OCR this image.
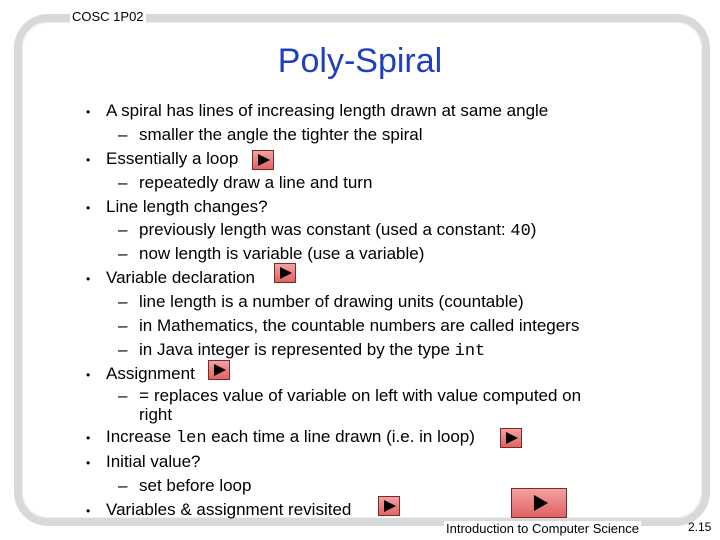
COSC 1P02
Poly-Spiral
• A spiral has lines of increasing length drawn at same angle
– smaller the angle the tighter the spiral
• Essentially a loop
– repeatedly draw a line and turn
• Line length changes?
– previously length was constant (used a constant: 40)
– now length is variable (use a variable)
• Variable declaration
– line length is a number of drawing units (countable)
– in Mathematics, the countable numbers are called integers
– in Java integer is represented by the type int
• Assignment
– = replaces value of variable on left with value computed on
right
• Increase len each time a line drawn (i.e. in loop)
• Initial value?
– set before loop
• Variables & assignment revisited
Introduction to Computer Science	2.15
